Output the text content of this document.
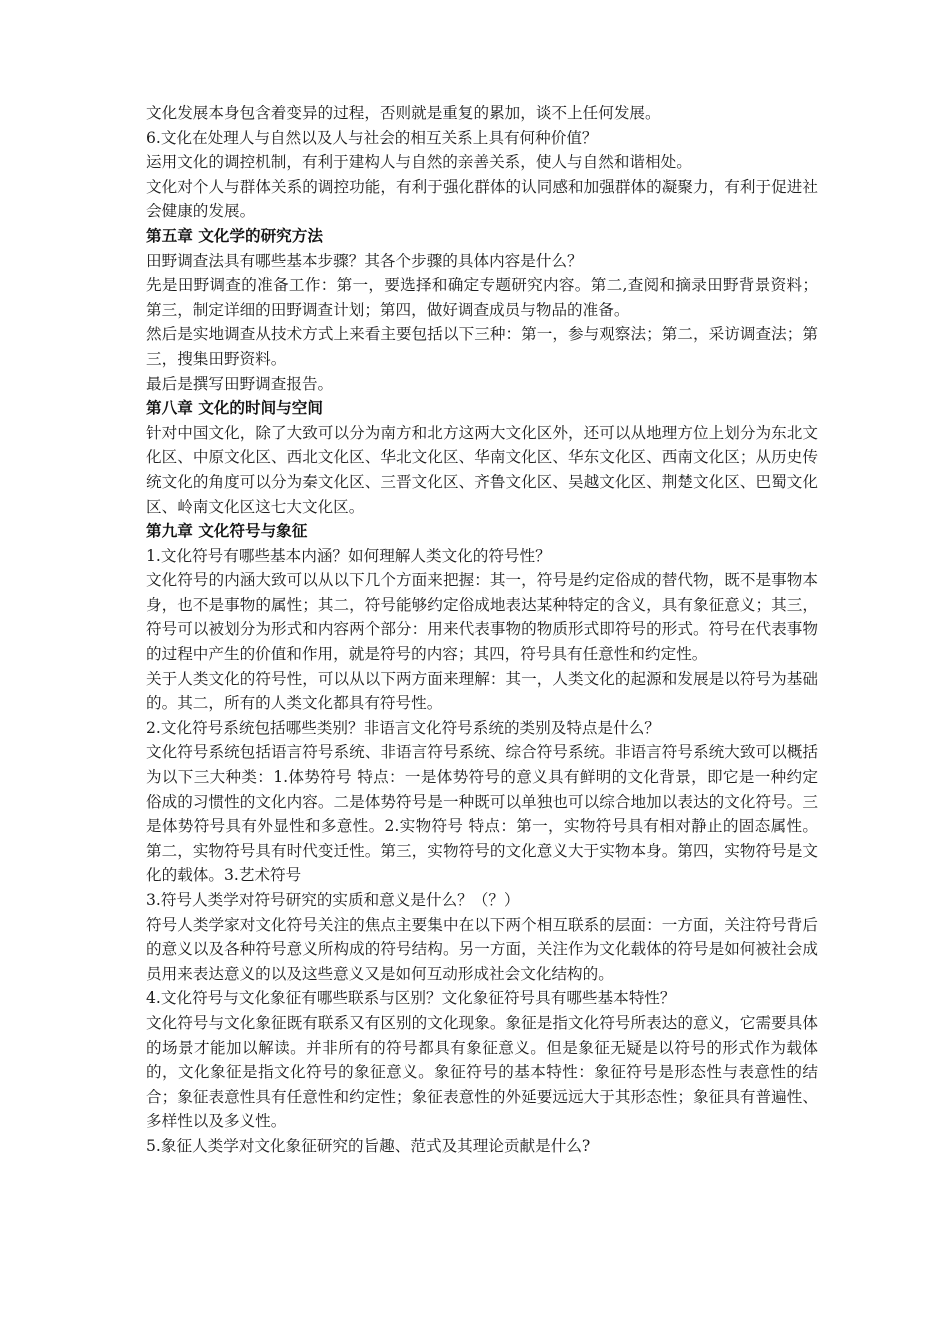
文化发展本身包含着变异的过程，否则就是重复的累加，谈不上任何发展。

6.文化在处理人与自然以及人与社会的相互关系上具有何种价值？

运用文化的调控机制，有利于建构人与自然的亲善关系，使人与自然和谐相处。

文化对个人与群体关系的调控功能，有利于强化群体的认同感和加强群体的凝聚力，有利于促进社会健康的发展。

第五章 文化学的研究方法

田野调查法具有哪些基本步骤？其各个步骤的具体内容是什么？

先是田野调查的准备工作：第一，要选择和确定专题研究内容。第二,查阅和摘录田野背景资料；第三，制定详细的田野调查计划；第四，做好调查成员与物品的准备。

然后是实地调查从技术方式上来看主要包括以下三种：第一，参与观察法；第二，采访调查法；第三，搜集田野资料。

最后是撰写田野调查报告。

第八章 文化的时间与空间

针对中国文化，除了大致可以分为南方和北方这两大文化区外，还可以从地理方位上划分为东北文化区、中原文化区、西北文化区、华北文化区、华南文化区、华东文化区、西南文化区；从历史传统文化的角度可以分为秦文化区、三晋文化区、齐鲁文化区、吴越文化区、荆楚文化区、巴蜀文化区、岭南文化区这七大文化区。

第九章 文化符号与象征

1.文化符号有哪些基本内涵？如何理解人类文化的符号性？

文化符号的内涵大致可以从以下几个方面来把握：其一，符号是约定俗成的替代物，既不是事物本身，也不是事物的属性；其二，符号能够约定俗成地表达某种特定的含义，具有象征意义；其三，符号可以被划分为形式和内容两个部分：用来代表事物的物质形式即符号的形式。符号在代表事物的过程中产生的价值和作用，就是符号的内容；其四，符号具有任意性和约定性。

关于人类文化的符号性，可以从以下两方面来理解：其一，人类文化的起源和发展是以符号为基础的。其二，所有的人类文化都具有符号性。

2.文化符号系统包括哪些类别？非语言文化符号系统的类别及特点是什么？

文化符号系统包括语言符号系统、非语言符号系统、综合符号系统。非语言符号系统大致可以概括为以下三大种类：1.体势符号 特点：一是体势符号的意义具有鲜明的文化背景，即它是一种约定俗成的习惯性的文化内容。二是体势符号是一种既可以单独也可以综合地加以表达的文化符号。三是体势符号具有外显性和多意性。2.实物符号 特点：第一，实物符号具有相对静止的固态属性。第二，实物符号具有时代变迁性。第三，实物符号的文化意义大于实物本身。第四，实物符号是文化的载体。3.艺术符号

3.符号人类学对符号研究的实质和意义是什么？（？）

符号人类学家对文化符号关注的焦点主要集中在以下两个相互联系的层面：一方面，关注符号背后的意义以及各种符号意义所构成的符号结构。另一方面，关注作为文化载体的符号是如何被社会成员用来表达意义的以及这些意义又是如何互动形成社会文化结构的。

4.文化符号与文化象征有哪些联系与区别？文化象征符号具有哪些基本特性？

文化符号与文化象征既有联系又有区别的文化现象。象征是指文化符号所表达的意义，它需要具体的场景才能加以解读。并非所有的符号都具有象征意义。但是象征无疑是以符号的形式作为载体的，文化象征是指文化符号的象征意义。象征符号的基本特性：象征符号是形态性与表意性的结合；象征表意性具有任意性和约定性；象征表意性的外延要远远大于其形态性；象征具有普遍性、多样性以及多义性。

5.象征人类学对文化象征研究的旨趣、范式及其理论贡献是什么?
